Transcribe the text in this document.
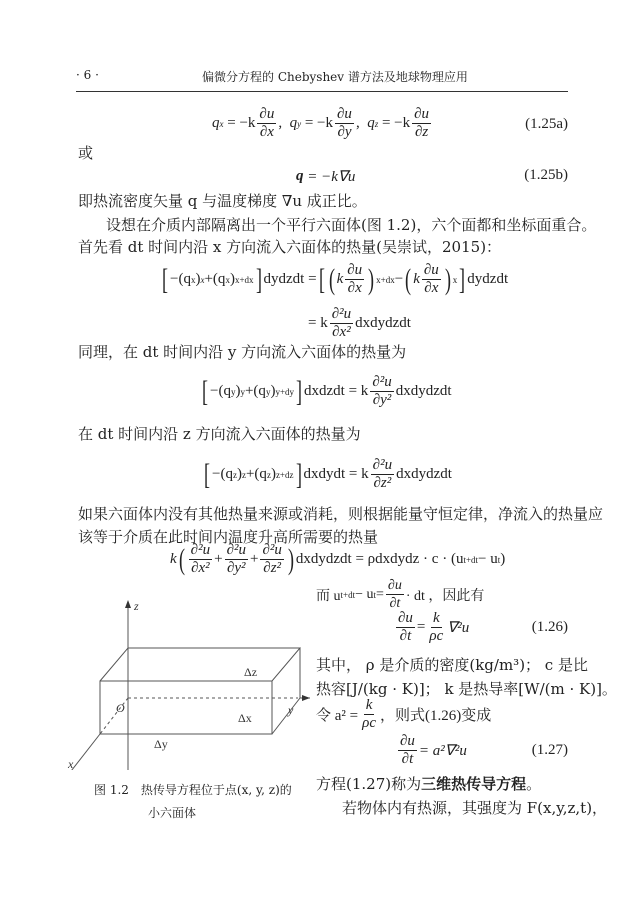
· 6 ·	偏微分方程的 Chebyshev 谱方法及地球物理应用
q x
= $-k \frac{\partial u}{\partial x}$ ,
q y
= $-k \frac{\partial u}{\partial y}$ ,
q z
= $-k \frac{\partial u}{\partial z}$	(1.25a)
或
q
= −k∇u	(1.25b)
即热流密度矢量 q 与温度梯度 ∇u 成正比。
设想在介质内部隔离出一个平行六面体(图 1.2)，六个面都和坐标面重合。
首先看 dt 时间内沿 x 方向流入六面体的热量(吴崇试，2015)：
[ −(q x ) x +(q x ) x+dx ] dydzdt = [ ( k $\frac{\partial u}{\partial x}$ ) x+dx − ( k $\frac{\partial u}{\partial x}$ ) x ] dydzdt
= k $\frac{\text{∂²u}}{\text{∂x²}}$ dxdydzdt
同理，在 dt 时间内沿 y 方向流入六面体的热量为
[ −(q y ) y +(q y ) y+dy ] dxdzdt = k $\frac{\text{∂²u}}{\text{∂y²}}$ dxdydzdt
在 dt 时间内沿 z 方向流入六面体的热量为
[ −(q z ) z +(q z ) z+dz ] dxdydt = k $\frac{\text{∂²u}}{\text{∂z²}}$ dxdydzdt
如果六面体内没有其他热量来源或消耗，则根据能量守恒定律，净流入的热量应
该等于介质在此时间内温度升高所需要的热量
k ( $\frac{\text{∂²u}}{\text{∂x²}} + \frac{\text{∂²u}}{\text{∂y²}} + \frac{\text{∂²u}}{\text{∂z²}}$ ) dxdydzdt = ρdxdydz · c · (u t+dt − u t )
而 u t+dt − u $t = \frac{\partial u}{\partial t}$ · dt ，因此有
$\frac{\partial u}{\partial t} = \frac{k}{\rho c} \nabla^2u$	(1.26)
其中， ρ 是介质的密度(kg/m³)； c 是比
热容[J/(kg · K)]； k 是热导率[W/(m · K)]。
令 $a^2 = \frac{k}{\rho c}$ ，则式(1.26)变成
$\frac{\partial u}{\partial t} = a^2\nabla^2u$	(1.27)
方程(1.27)称为三维热传导方程。
若物体内有热源，其强度为 F(x,y,z,t)，
z
y
x
O
Δz
Δx
Δy
图 1.2　热传导方程位于点(x, y, z)的
小六面体
